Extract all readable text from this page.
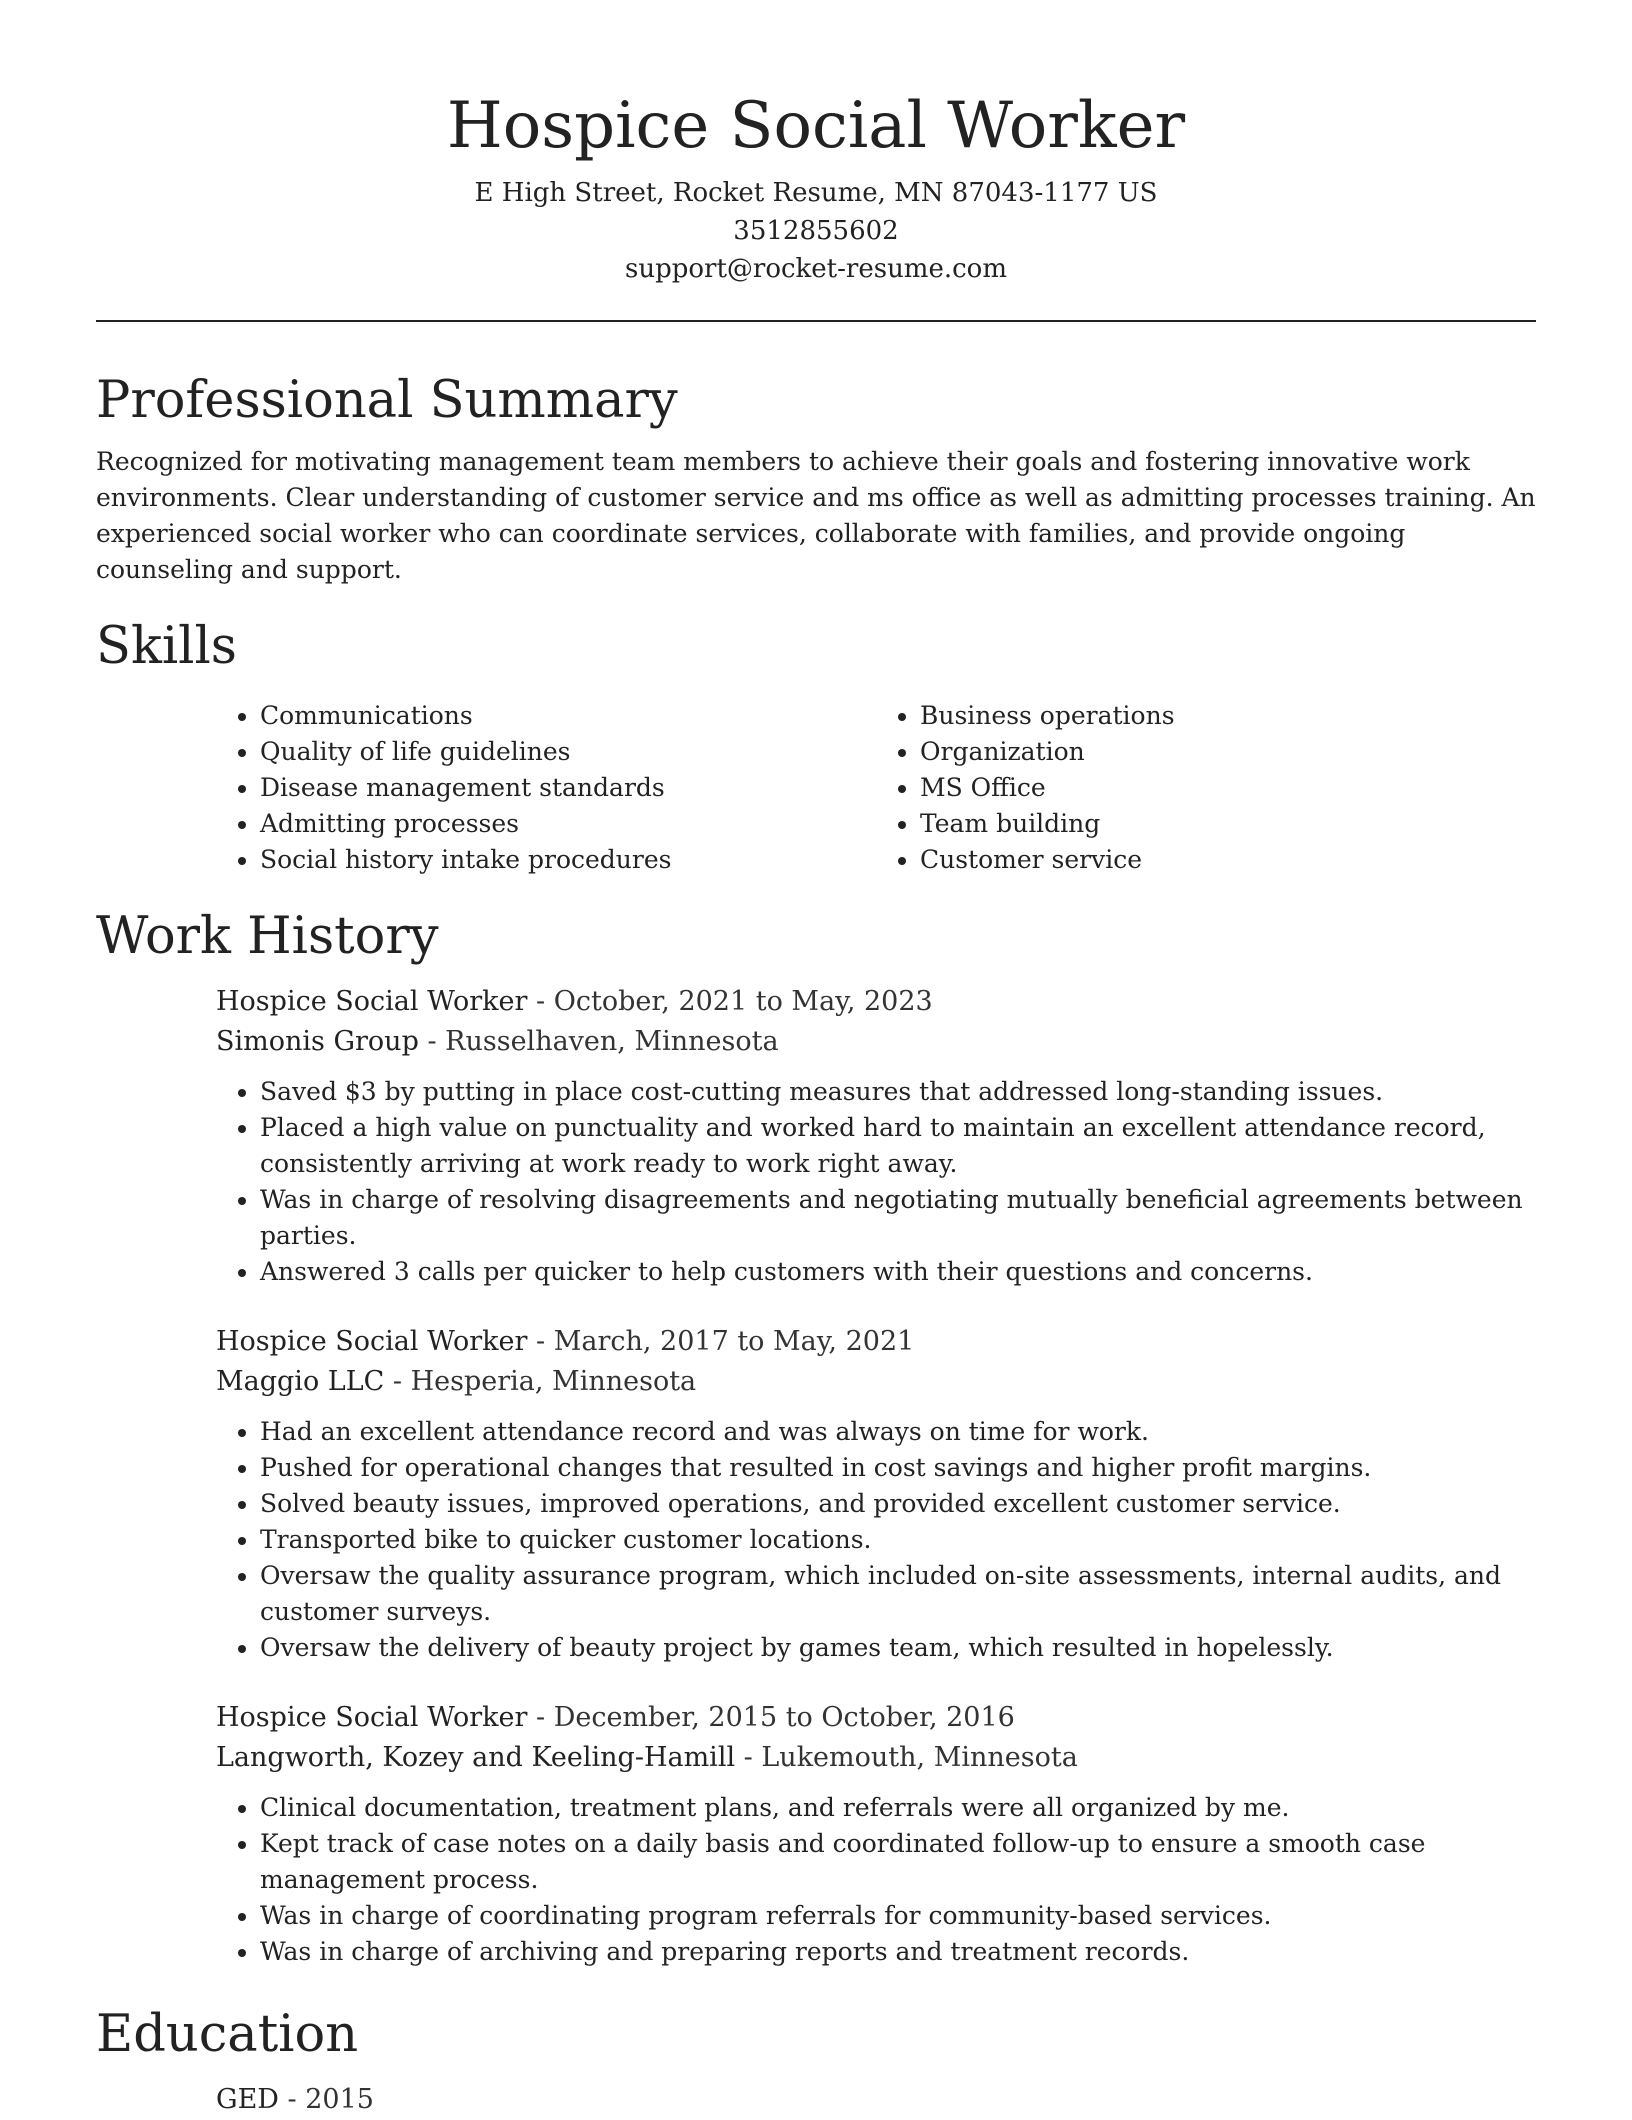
Hospice Social Worker
E High Street, Rocket Resume, MN 87043-1177 US
3512855602
support@rocket-resume.com
Professional Summary

Recognized for motivating management team members to achieve their goals and fostering innovative work environments. Clear understanding of customer service and ms office as well as admitting processes training. An experienced social worker who can coordinate services, collaborate with families, and provide ongoing counseling and support.

Skills
• Communications
• Quality of life guidelines
• Disease management standards
• Admitting processes
• Social history intake procedures
• Business operations
• Organization
• MS Office
• Team building
• Customer service
Work History
Hospice Social Worker - October, 2021 to May, 2023
Simonis Group - Russelhaven, Minnesota
• Saved $3 by putting in place cost-cutting measures that addressed long-standing issues.
• Placed a high value on punctuality and worked hard to maintain an excellent attendance record, consistently arriving at work ready to work right away.
• Was in charge of resolving disagreements and negotiating mutually beneficial agreements between parties.
• Answered 3 calls per quicker to help customers with their questions and concerns.
Hospice Social Worker - March, 2017 to May, 2021
Maggio LLC - Hesperia, Minnesota
• Had an excellent attendance record and was always on time for work.
• Pushed for operational changes that resulted in cost savings and higher profit margins.
• Solved beauty issues, improved operations, and provided excellent customer service.
• Transported bike to quicker customer locations.
• Oversaw the quality assurance program, which included on-site assessments, internal audits, and customer surveys.
• Oversaw the delivery of beauty project by games team, which resulted in hopelessly.
Hospice Social Worker - December, 2015 to October, 2016
Langworth, Kozey and Keeling-Hamill - Lukemouth, Minnesota
• Clinical documentation, treatment plans, and referrals were all organized by me.
• Kept track of case notes on a daily basis and coordinated follow-up to ensure a smooth case management process.
• Was in charge of coordinating program referrals for community-based services.
• Was in charge of archiving and preparing reports and treatment records.
Education
GED - 2015
